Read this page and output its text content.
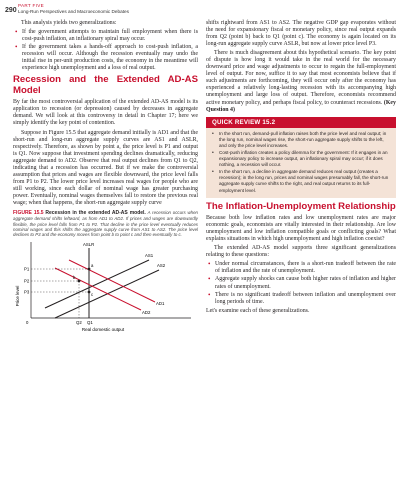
290
PART FIVE
Long-Run Perspectives and Macroeconomic Debates

This analysis yields two generalizations:

• If the government attempts to maintain full employment when there is cost-push inflation, an inflationary spiral may occur.
• If the government takes a hands-off approach to cost-push inflation, a recession will occur. Although the recession eventually may undo the initial rise in per-unit production costs, the economy in the meantime will experience high unemployment and a loss of real output.
Recession and the Extended AD-AS Model

By far the most controversial application of the extended AD-AS model is its application to recession (or depression) caused by decreases in aggregate demand. We will look at this controversy in detail in Chapter 17; here we simply identify the key point of contention.

Suppose in Figure 15.5 that aggregate demand initially is AD1 and that the short-run and long-run aggregate supply curves are AS1 and ASLR, respectively. Therefore, as shown by point a, the price level is P1 and output is Q1. Now suppose that investment spending declines dramatically, reducing aggregate demand to AD2. Observe that real output declines from Q1 to Q2, indicating that a recession has occurred. But if we make the controversial assumption that prices and wages are flexible downward, the price level falls from P1 to P2. The lower price level increases real wages for people who are still working, since each dollar of nominal wage has greater purchasing power. Eventually, nominal wages themselves fall to restore the previous real wage; when that happens, the short-run aggregate supply curve

FIGURE 15.5 Recession in the extended AD-AS model. A recession occurs when aggregate demand shifts leftward, as from AD1 to AD2. If prices and wages are downwardly flexible, the price level falls from P1 to P2. That decline in the price level eventually reduces nominal wages and this shifts the aggregate supply curve from AS1 to AS2. The price level declines to P3 and the economy moves from point b to point c and then eventually to c.
Price level
ASLR
AS1
AS2
AD1
AD2
P1
P2
P3
a
b
c
0	Q2 Q1
Real domestic output

shifts rightward from AS1 to AS2. The negative GDP gap evaporates without the need for expansionary fiscal or monetary policy, since real output expands from Q2 (point b) back to Q1 (point c). The economy is again located on its long-run aggregate supply curve ASLR, but now at lower price level P3.

There is much disagreement about this hypothetical scenario. The key point of dispute is how long it would take in the real world for the necessary downward price and wage adjustments to occur to regain the full-employment level of output. For now, suffice it to say that most economists believe that if such adjustments are forthcoming, they will occur only after the economy has experienced a relatively long-lasting recession with its accompanying high unemployment and large loss of output. Therefore, economists recommend active monetary policy, and perhaps fiscal policy, to counteract recessions. (Key Question 4)

QUICK REVIEW 15.2
• In the short run, demand-pull inflation raises both the price level and real output; in the long run, nominal wages rise, the short-run aggregate supply shifts to the left, and only the price level increases.
• Cost-push inflation creates a policy dilemma for the government: If it engages in an expansionary policy to increase output, an inflationary spiral may occur; if it does nothing, a recession will occur.
• In the short run, a decline in aggregate demand reduces real output (creates a recession); in the long run, prices and nominal wages presumably fall, the short-run aggregate supply curve shifts to the right, and real output returns to its full-employment level.
The Inflation-Unemployment Relationship

Because both low inflation rates and low unemployment rates are major economic goals, economists are vitally interested in their relationship. Are low unemployment and low inflation compatible goals or conflicting goals? What explains situations in which high unemployment and high inflation coexist?

The extended AD-AS model supports three significant generalizations relating to these questions:

• Under normal circumstances, there is a short-run tradeoff between the rate of inflation and the rate of unemployment.
• Aggregate supply shocks can cause both higher rates of inflation and higher rates of unemployment.
• There is no significant tradeoff between inflation and unemployment over long periods of time.

Let's examine each of these generalizations.
